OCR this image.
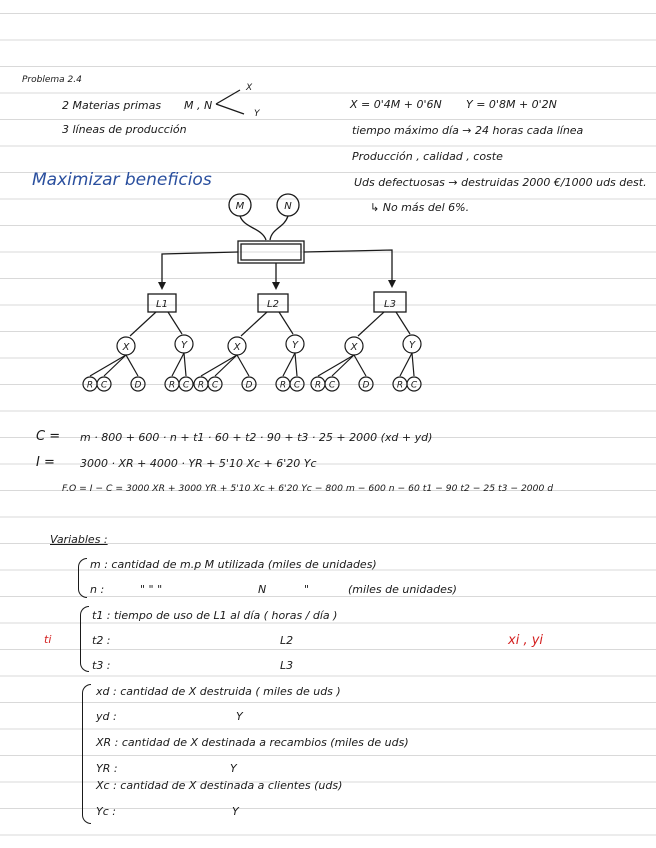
Problema 2.4
2 Materias primas M , N
X
Y
3 líneas de producción
Maximizar beneficios
X = 0'4M + 0'6N Y = 0'8M + 0'2N
tiempo máximo día → 24 horas cada línea
Producción , calidad , coste
Uds defectuosas → destruidas 2000 €/1000 uds dest.
↳ No más del 6%.
M	N
L1	L2	L3
X	Y
R C	D	R C
X	Y
R C	D	R C
X	Y
R C	D	R C
C = m · 800 + 600 · n + t1 · 60 + t2 · 90 + t3 · 25 + 2000 (xd + yd)
I = 3000 · XR + 4000 · YR + 5'10 Xc + 6'20 Yc
F.O = I − C = 3000 XR + 3000 YR + 5'10 Xc + 6'20 Yc − 800 m − 600 n − 60 t1 − 90 t2 − 25 t3 − 2000 d
Variables :
m : cantidad de m.p M utilizada (miles de unidades)
n :	" " "	N	"	(miles de unidades)
ti
t1 : tiempo de uso de L1 al día ( horas / día )
t2 :	L2
t3 :	L3
xi , yi
xd : cantidad de X destruida ( miles de uds )
yd :	Y
XR : cantidad de X destinada a recambios (miles de uds)
YR :	Y
Xc : cantidad de X destinada a clientes (uds)
Yc :	Y
